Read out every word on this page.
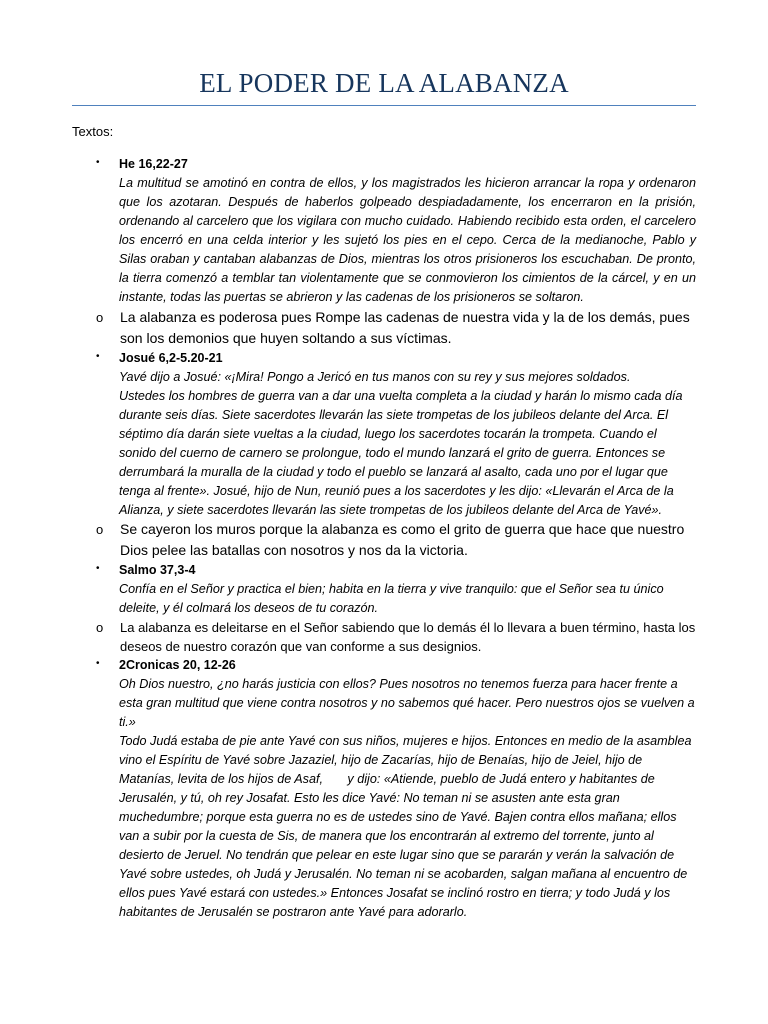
EL PODER DE LA ALABANZA
Textos:
• He 16,22-27

La multitud se amotinó en contra de ellos, y los magistrados les hicieron arrancar la ropa y ordenaron que los azotaran. Después de haberlos golpeado despiadadamente, los encerraron en la prisión, ordenando al carcelero que los vigilara con mucho cuidado. Habiendo recibido esta orden, el carcelero los encerró en una celda interior y les sujetó los pies en el cepo. Cerca de la medianoche, Pablo y Silas oraban y cantaban alabanzas de Dios, mientras los otros prisioneros los escuchaban. De pronto, la tierra comenzó a temblar tan violentamente que se conmovieron los cimientos de la cárcel, y en un instante, todas las puertas se abrieron y las cadenas de los prisioneros se soltaron.

o La alabanza es poderosa pues Rompe las cadenas de nuestra vida y la de los demás, pues son los demonios que huyen soltando a sus víctimas.
• Josué 6,2-5.20-21

Yavé dijo a Josué: «¡Mira! Pongo a Jericó en tus manos con su rey y sus mejores soldados.

Ustedes los hombres de guerra van a dar una vuelta completa a la ciudad y harán lo mismo cada día durante seis días. Siete sacerdotes llevarán las siete trompetas de los jubileos delante del Arca. El séptimo día darán siete vueltas a la ciudad, luego los sacerdotes tocarán la trompeta. Cuando el sonido del cuerno de carnero se prolongue, todo el mundo lanzará el grito de guerra. Entonces se derrumbará la muralla de la ciudad y todo el pueblo se lanzará al asalto, cada uno por el lugar que tenga al frente». Josué, hijo de Nun, reunió pues a los sacerdotes y les dijo: «Llevarán el Arca de la Alianza, y siete sacerdotes llevarán las siete trompetas de los jubileos delante del Arca de Yavé».

o Se cayeron los muros porque la alabanza es como el grito de guerra que hace que nuestro Dios pelee las batallas con nosotros y nos da la victoria.
• Salmo 37,3-4

Confía en el Señor y practica el bien; habita en la tierra y vive tranquilo: que el Señor sea tu único deleite, y él colmará los deseos de tu corazón.

o La alabanza es deleitarse en el Señor sabiendo que lo demás él lo llevara a buen término, hasta los deseos de nuestro corazón que van conforme a sus designios.
• 2Cronicas 20, 12-26

Oh Dios nuestro, ¿no harás justicia con ellos? Pues nosotros no tenemos fuerza para hacer frente a esta gran multitud que viene contra nosotros y no sabemos qué hacer. Pero nuestros ojos se vuelven a ti.»

Todo Judá estaba de pie ante Yavé con sus niños, mujeres e hijos. Entonces en medio de la asamblea vino el Espíritu de Yavé sobre Jazaziel, hijo de Zacarías, hijo de Benaías, hijo de Jeiel, hijo de Matanías, levita de los hijos de Asaf,       y dijo: «Atiende, pueblo de Judá entero y habitantes de Jerusalén, y tú, oh rey Josafat. Esto les dice Yavé: No teman ni se asusten ante esta gran muchedumbre; porque esta guerra no es de ustedes sino de Yavé. Bajen contra ellos mañana; ellos van a subir por la cuesta de Sis, de manera que los encontrarán al extremo del torrente, junto al desierto de Jeruel. No tendrán que pelear en este lugar sino que se pararán y verán la salvación de Yavé sobre ustedes, oh Judá y Jerusalén. No teman ni se acobarden, salgan mañana al encuentro de ellos pues Yavé estará con ustedes.» Entonces Josafat se inclinó rostro en tierra; y todo Judá y los habitantes de Jerusalén se postraron ante Yavé para adorarlo.
